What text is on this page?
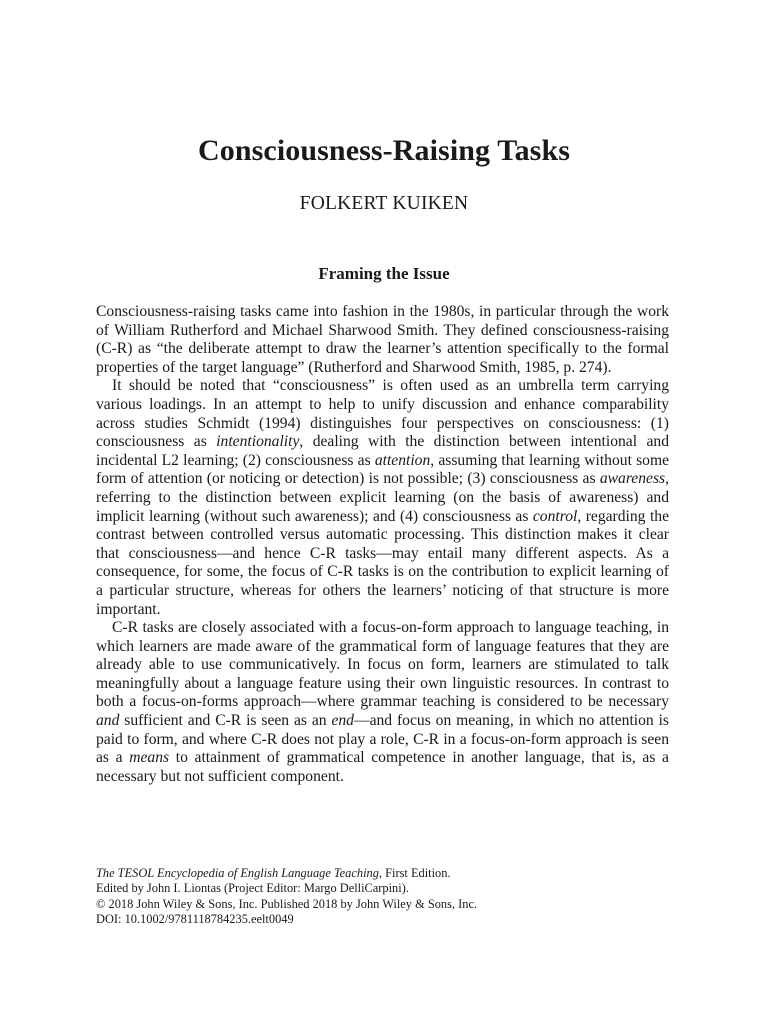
Consciousness-Raising Tasks
FOLKERT KUIKEN
Framing the Issue

Consciousness-raising tasks came into fashion in the 1980s, in particular through the work of William Rutherford and Michael Sharwood Smith. They defined consciousness-raising (C-R) as “the deliberate attempt to draw the learner’s attention specifically to the formal properties of the target language” (Rutherford and Sharwood Smith, 1985, p. 274).

It should be noted that “consciousness” is often used as an umbrella term carrying various loadings. In an attempt to help to unify discussion and enhance comparability across studies Schmidt (1994) distinguishes four perspectives on consciousness: (1) consciousness as intentionality, dealing with the distinction between intentional and incidental L2 learning; (2) consciousness as attention, assuming that learning without some form of attention (or noticing or detection) is not possible; (3) consciousness as awareness, referring to the distinction between explicit learning (on the basis of awareness) and implicit learning (without such awareness); and (4) consciousness as control, regarding the contrast between controlled versus automatic processing. This distinction makes it clear that consciousness—and hence C-R tasks—may entail many different aspects. As a consequence, for some, the focus of C-R tasks is on the contribution to explicit learning of a particular structure, whereas for others the learners’ noticing of that structure is more important.

C-R tasks are closely associated with a focus-on-form approach to language teaching, in which learners are made aware of the grammatical form of language features that they are already able to use communicatively. In focus on form, learners are stimulated to talk meaningfully about a language feature using their own linguistic resources. In contrast to both a focus-on-forms approach—where grammar teaching is considered to be necessary and sufficient and C-R is seen as an end—and focus on meaning, in which no attention is paid to form, and where C-R does not play a role, C-R in a focus-on-form approach is seen as a means to attainment of grammatical competence in another language, that is, as a necessary but not sufficient component.

The TESOL Encyclopedia of English Language Teaching, First Edition.
Edited by John I. Liontas (Project Editor: Margo DelliCarpini).
© 2018 John Wiley & Sons, Inc. Published 2018 by John Wiley & Sons, Inc.
DOI: 10.1002/9781118784235.eelt0049
